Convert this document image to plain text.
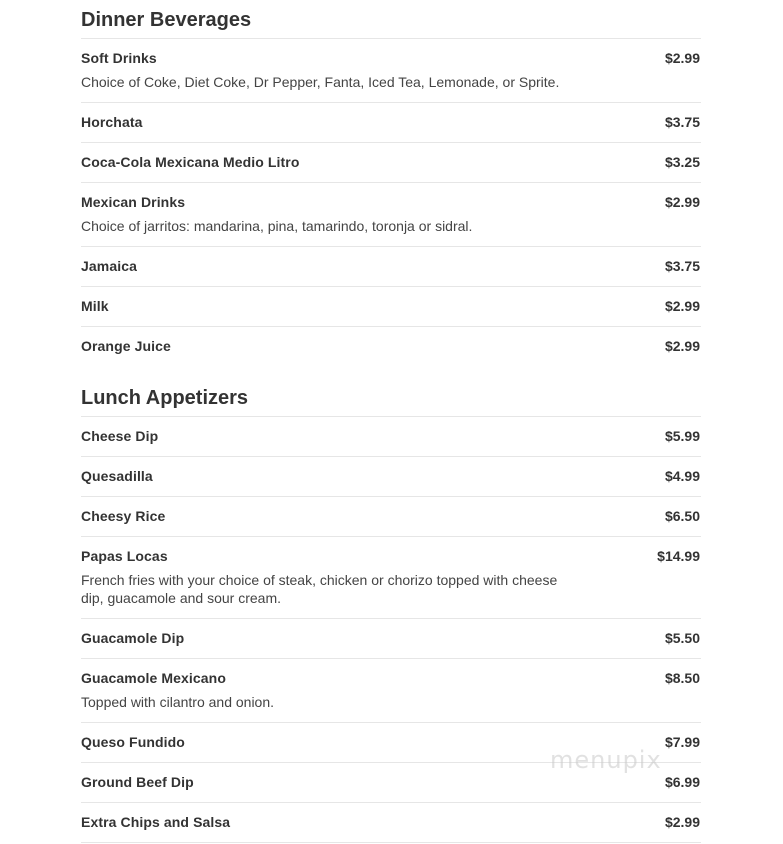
Dinner Beverages
Soft Drinks	$2.99
Choice of Coke, Diet Coke, Dr Pepper, Fanta, Iced Tea, Lemonade, or Sprite.
Horchata	$3.75
Coca-Cola Mexicana Medio Litro	$3.25
Mexican Drinks	$2.99
Choice of jarritos: mandarina, pina, tamarindo, toronja or sidral.
Jamaica	$3.75
Milk	$2.99
Orange Juice	$2.99
Lunch Appetizers
Cheese Dip	$5.99
Quesadilla	$4.99
Cheesy Rice	$6.50
Papas Locas	$14.99
French fries with your choice of steak, chicken or chorizo topped with cheese dip, guacamole and sour cream.
Guacamole Dip	$5.50
Guacamole Mexicano	$8.50
Topped with cilantro and onion.
Queso Fundido	$7.99
Ground Beef Dip	$6.99
Extra Chips and Salsa	$2.99
menupix
